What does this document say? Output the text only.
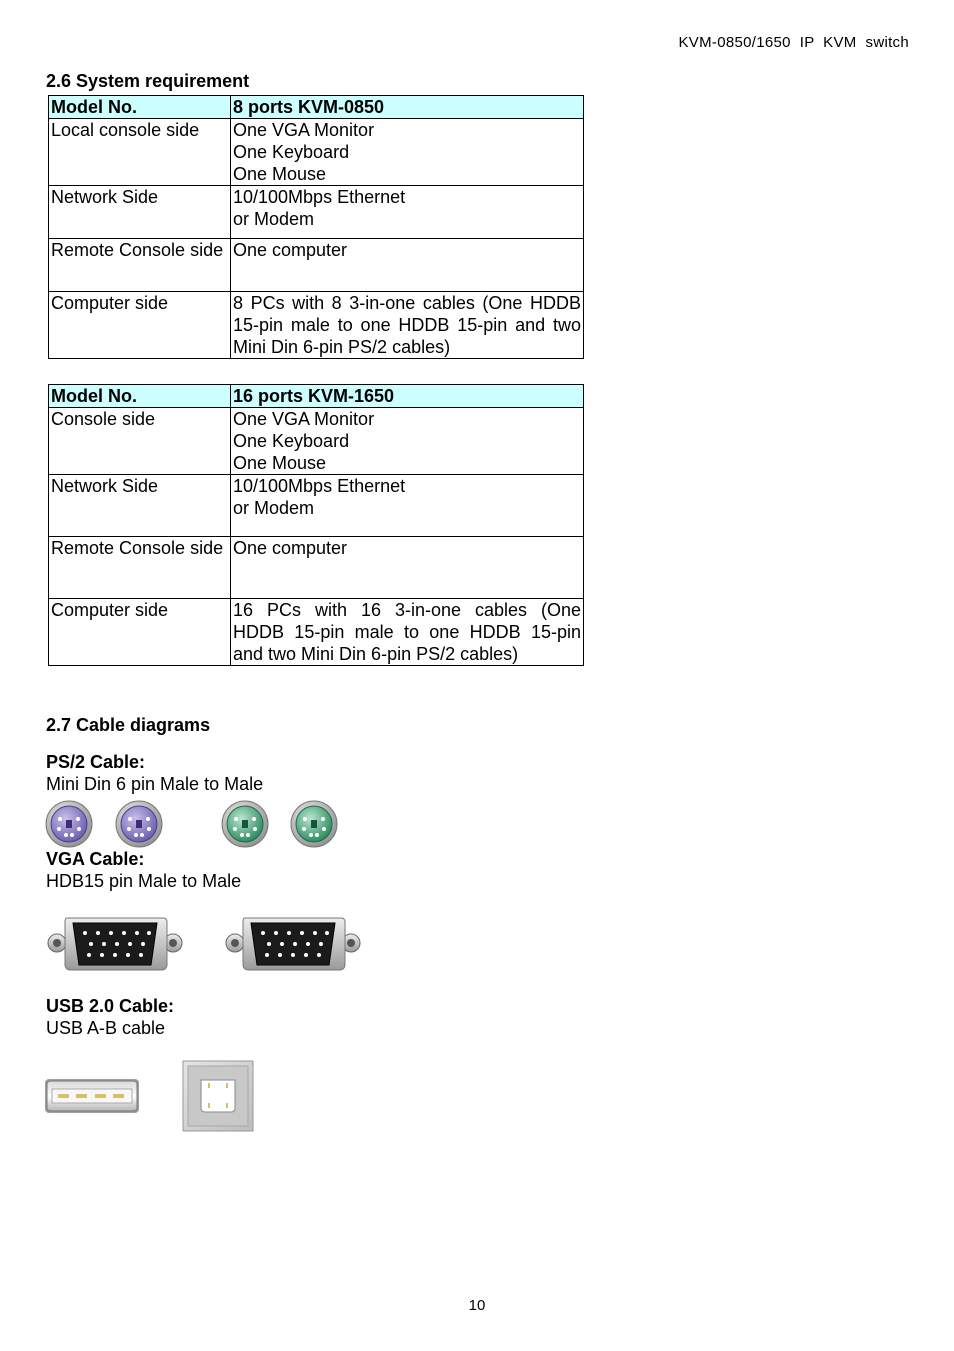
KVM-0850/1650  IP  KVM  switch
2.6 System requirement
Model No.	8 ports KVM-0850
Local console side	One VGA Monitor
One Keyboard
One Mouse

Network Side	10/100Mbps Ethernet
or Modem

Remote Console side	One computer

Computer side	8 PCs with 8 3-in-one cables (One HDDB 15-pin male to one HDDB 15-pin and two Mini Din 6-pin PS/2 cables)
Model No.	16 ports KVM-1650
Console side	One VGA Monitor
One Keyboard
One Mouse

Network Side	10/100Mbps Ethernet
or Modem

Remote Console side	One computer

Computer side	16 PCs with 16 3-in-one cables (One HDDB 15-pin male to one HDDB 15-pin and two Mini Din 6-pin PS/2 cables)
2.7 Cable diagrams
PS/2 Cable:
Mini Din 6 pin Male to Male
VGA Cable:
HDB15 pin Male to Male
USB 2.0 Cable:
USB A-B cable
10
